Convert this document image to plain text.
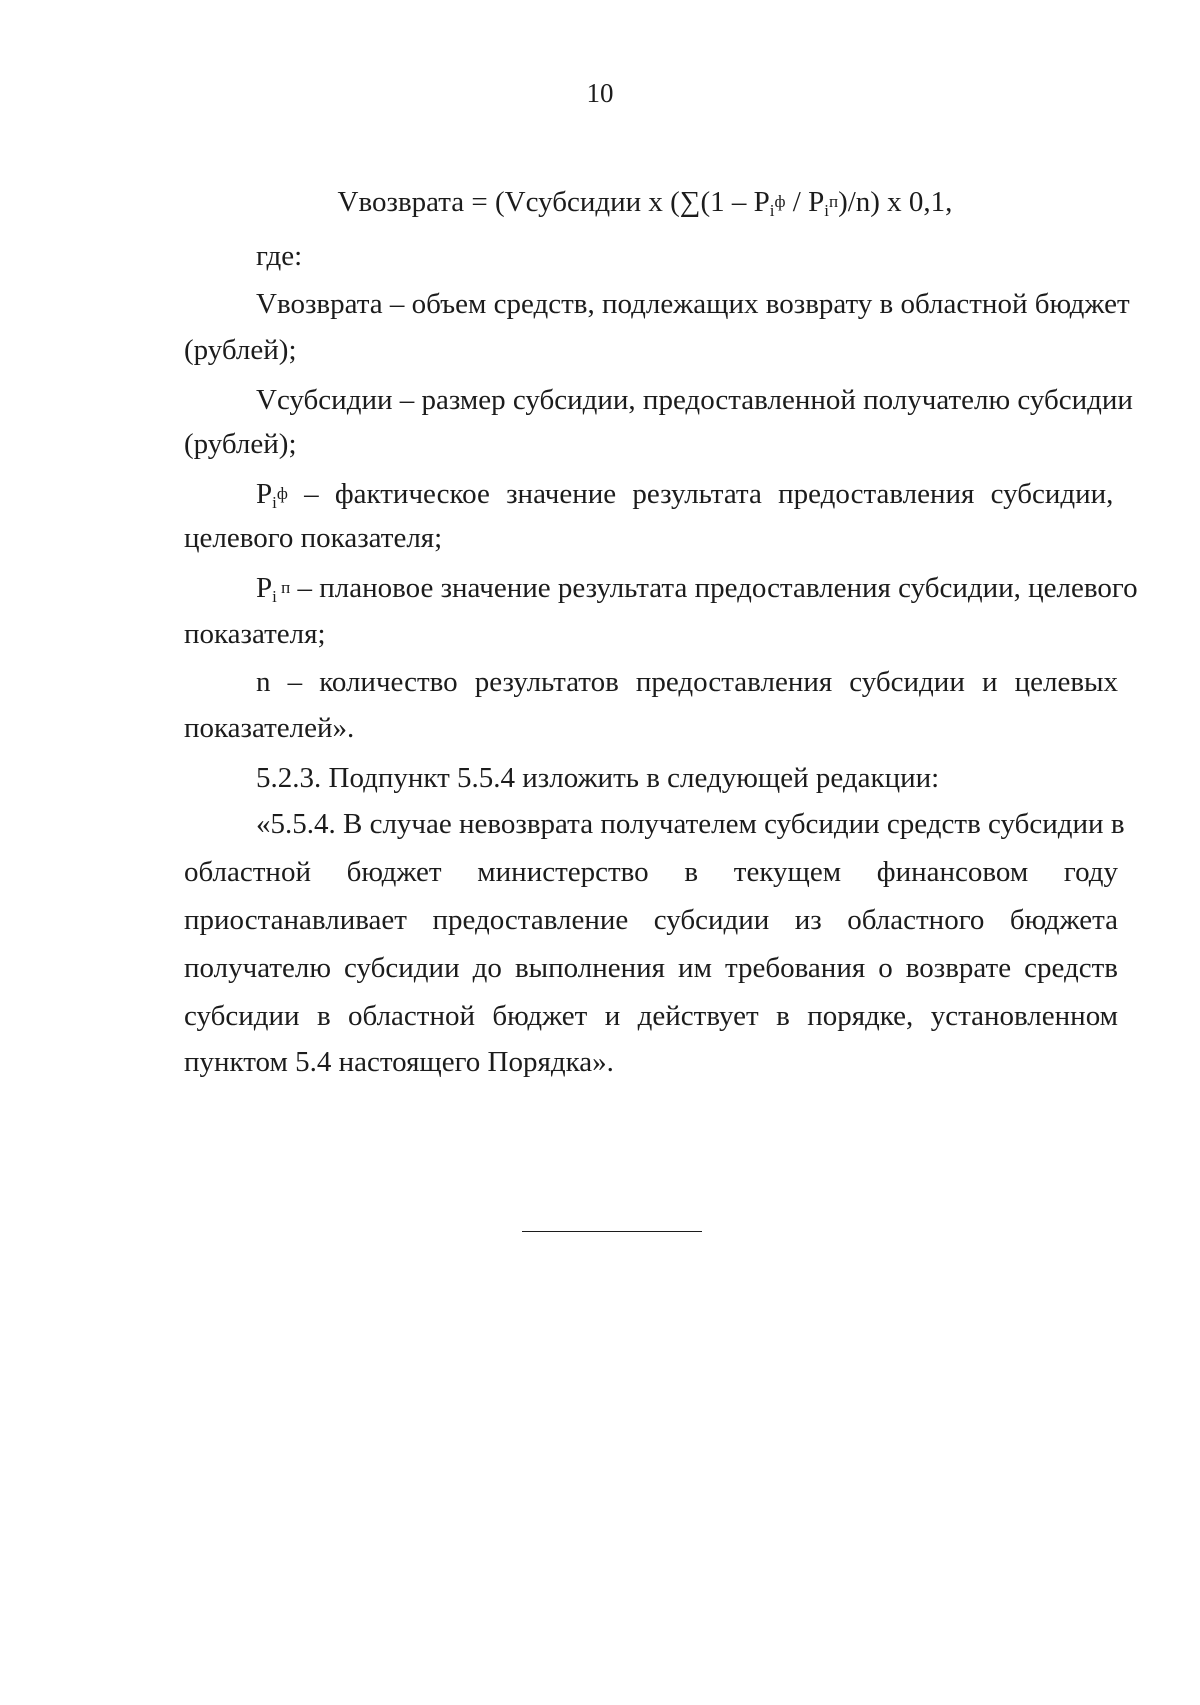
10
Vвозврата = (Vсубсидии х $(\sum(1 - P_i^ф / P_i^п)/n)$ х 0,1,
где:
Vвозврата – объем средств, подлежащих возврату в областной бюджет
(рублей);
Vсубсидии – размер субсидии, предоставленной получателю субсидии
(рублей);
$P_i^ф$ – фактическое значение результата предоставления субсидии,
целевого показателя;
$P_i$ $^п$ – плановое значение результата предоставления субсидии, целевого
показателя;
n – количество результатов предоставления субсидии и целевых
показателей».
5.2.3. Подпункт 5.5.4 изложить в следующей редакции:
«5.5.4. В случае невозврата получателем субсидии средств субсидии в
областной бюджет министерство в текущем финансовом году
приостанавливает предоставление субсидии из областного бюджета
получателю субсидии до выполнения им требования о возврате средств
субсидии в областной бюджет и действует в порядке, установленном
пунктом 5.4 настоящего Порядка».
